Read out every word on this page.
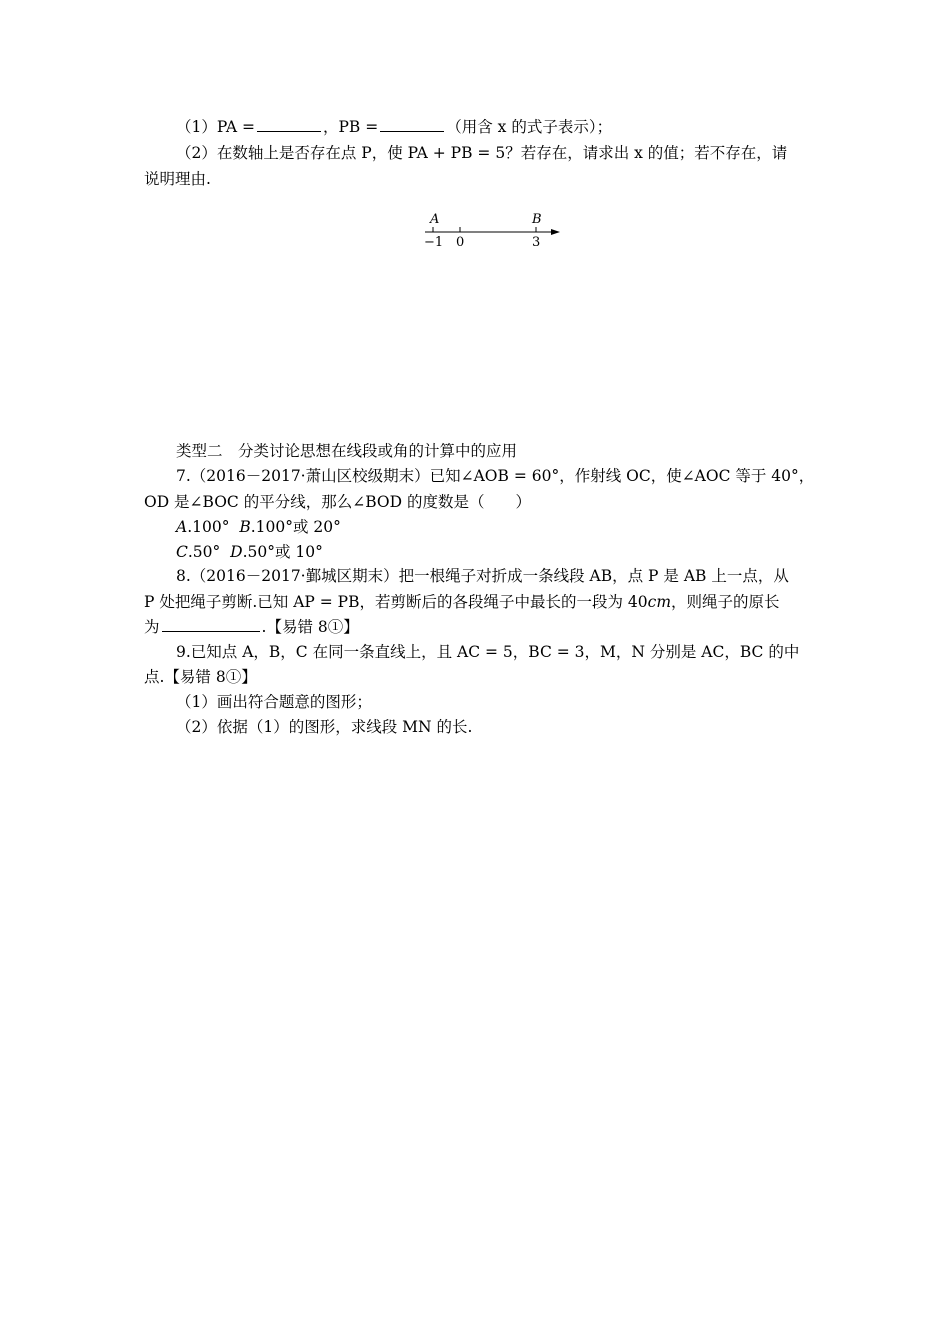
（1）PA =	，PB =	（用含 x 的式子表示）；
（2）在数轴上是否存在点 P，使 PA + PB = 5？若存在，请求出 x 的值；若不存在，请
说明理由.
A	B
−1 0	3
类型二　分类讨论思想在线段或角的计算中的应用
7.（2016－2017·萧山区校级期末）已知∠AOB = 60°，作射线 OC，使∠AOC 等于 40°，
OD 是∠BOC 的平分线，那么∠BOD 的度数是（　　）
A.100° B.100°或 20°
C.50° D.50°或 10°
8.（2016－2017·鄞城区期末）把一根绳子对折成一条线段 AB，点 P 是 AB 上一点，从
P 处把绳子剪断.已知 AP = PB，若剪断后的各段绳子中最长的一段为 40cm，则绳子的原长
为	.【易错 8①】
9.已知点 A，B，C 在同一条直线上，且 AC = 5，BC = 3，M，N 分别是 AC，BC 的中
点.【易错 8①】
（1）画出符合题意的图形；
（2）依据（1）的图形，求线段 MN 的长.
